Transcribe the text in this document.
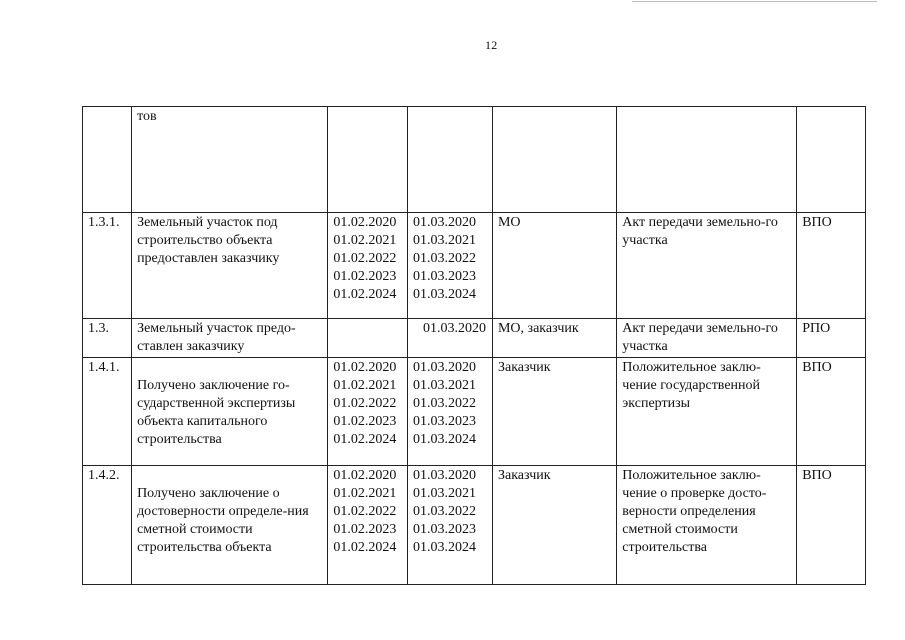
12
	тов					
1.3.1.	Земельный участок под строительство объекта предоставлен заказчику	01.02.2020
01.02.2021
01.02.2022
01.02.2023
01.02.2024	01.03.2020
01.03.2021
01.03.2022
01.03.2023
01.03.2024	МО	Акт передачи земельно-го участка	ВПО
1.3.	Земельный участок предо-ставлен заказчику		01.03.2020	МО, заказчик	Акт передачи земельно-го участка	РПО
1.4.1.	Получено заключение го-сударственной экспертизы объекта капитального строительства	01.02.2020
01.02.2021
01.02.2022
01.02.2023
01.02.2024	01.03.2020
01.03.2021
01.03.2022
01.03.2023
01.03.2024	Заказчик	Положительное заклю-чение государственной экспертизы	ВПО
1.4.2.	Получено заключение о достоверности определе-ния сметной стоимости строительства объекта	01.02.2020
01.02.2021
01.02.2022
01.02.2023
01.02.2024	01.03.2020
01.03.2021
01.03.2022
01.03.2023
01.03.2024	Заказчик	Положительное заклю-чение о проверке досто-верности определения сметной стоимости строительства	ВПО
